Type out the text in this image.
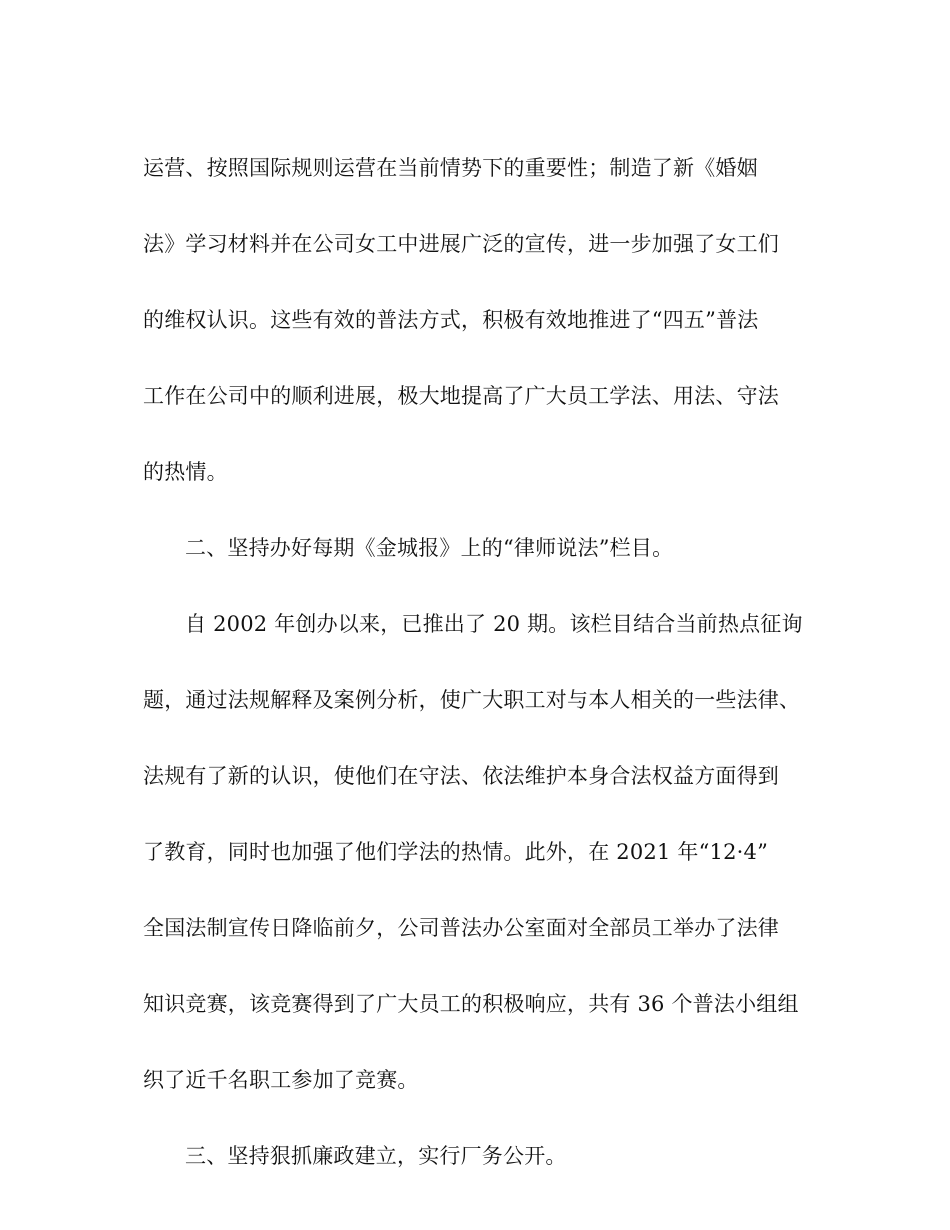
运营、按照国际规则运营在当前情势下的重要性；制造了新《婚姻
法》学习材料并在公司女工中进展广泛的宣传，进一步加强了女工们
的维权认识。这些有效的普法方式，积极有效地推进了“四五”普法
工作在公司中的顺利进展，极大地提高了广大员工学法、用法、守法
的热情。
二、坚持办好每期《金城报》上的“律师说法”栏目。
自 2002 年创办以来，已推出了 20 期。该栏目结合当前热点征询
题，通过法规解释及案例分析，使广大职工对与本人相关的一些法律、
法规有了新的认识，使他们在守法、依法维护本身合法权益方面得到
了教育，同时也加强了他们学法的热情。此外，在 2021 年“12·4”
全国法制宣传日降临前夕，公司普法办公室面对全部员工举办了法律
知识竞赛，该竞赛得到了广大员工的积极响应，共有 36 个普法小组组
织了近千名职工参加了竞赛。
三、坚持狠抓廉政建立，实行厂务公开。
